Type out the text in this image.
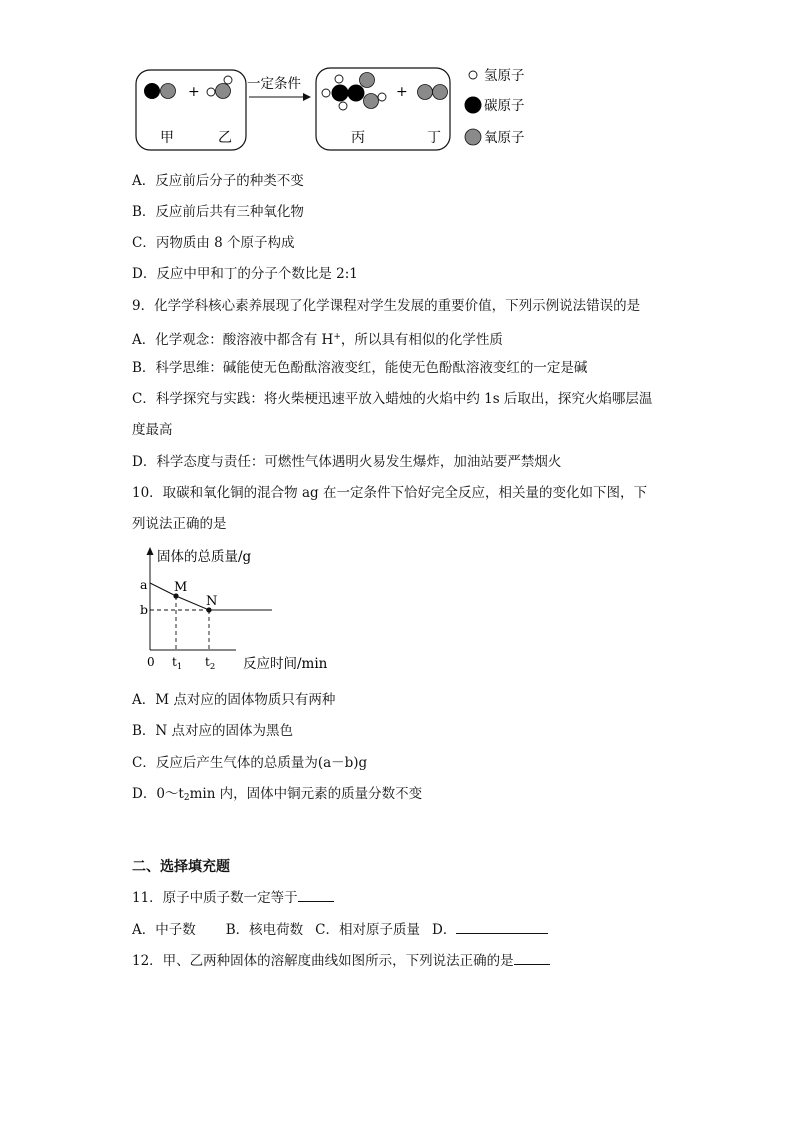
+
甲	乙
一定条件	+
丙	丁
氢原子
碳原子
氧原子
A．反应前后分子的种类不变
B．反应前后共有三种氧化物
C．丙物质由 8 个原子构成
D．反应中甲和丁的分子个数比是 2:1
9．化学学科核心素养展现了化学课程对学生发展的重要价值，下列示例说法错误的是
A．化学观念：酸溶液中都含有 H+，所以具有相似的化学性质
B．科学思维：碱能使无色酚酞溶液变红，能使无色酚酞溶液变红的一定是碱
C．科学探究与实践：将火柴梗迅速平放入蜡烛的火焰中约 1s 后取出，探究火焰哪层温
度最高
D．科学态度与责任：可燃性气体遇明火易发生爆炸，加油站要严禁烟火
10．取碳和氧化铜的混合物 ag 在一定条件下恰好完全反应，相关量的变化如下图，下
列说法正确的是
固体的总质量/g
0
a
b
M
N
$t_1$ $t_2$ 反应时间/min
A．M 点对应的固体物质只有两种
B．N 点对应的固体为黑色
C．反应后产生气体的总质量为(a－b)g
D．$0\sim t_2\min$ 内，固体中铜元素的质量分数不变
二、选择填充题
11．原子中质子数一定等于
A．中子数 B．核电荷数 C．相对原子质量 D．
12．甲、乙两种固体的溶解度曲线如图所示，下列说法正确的是
